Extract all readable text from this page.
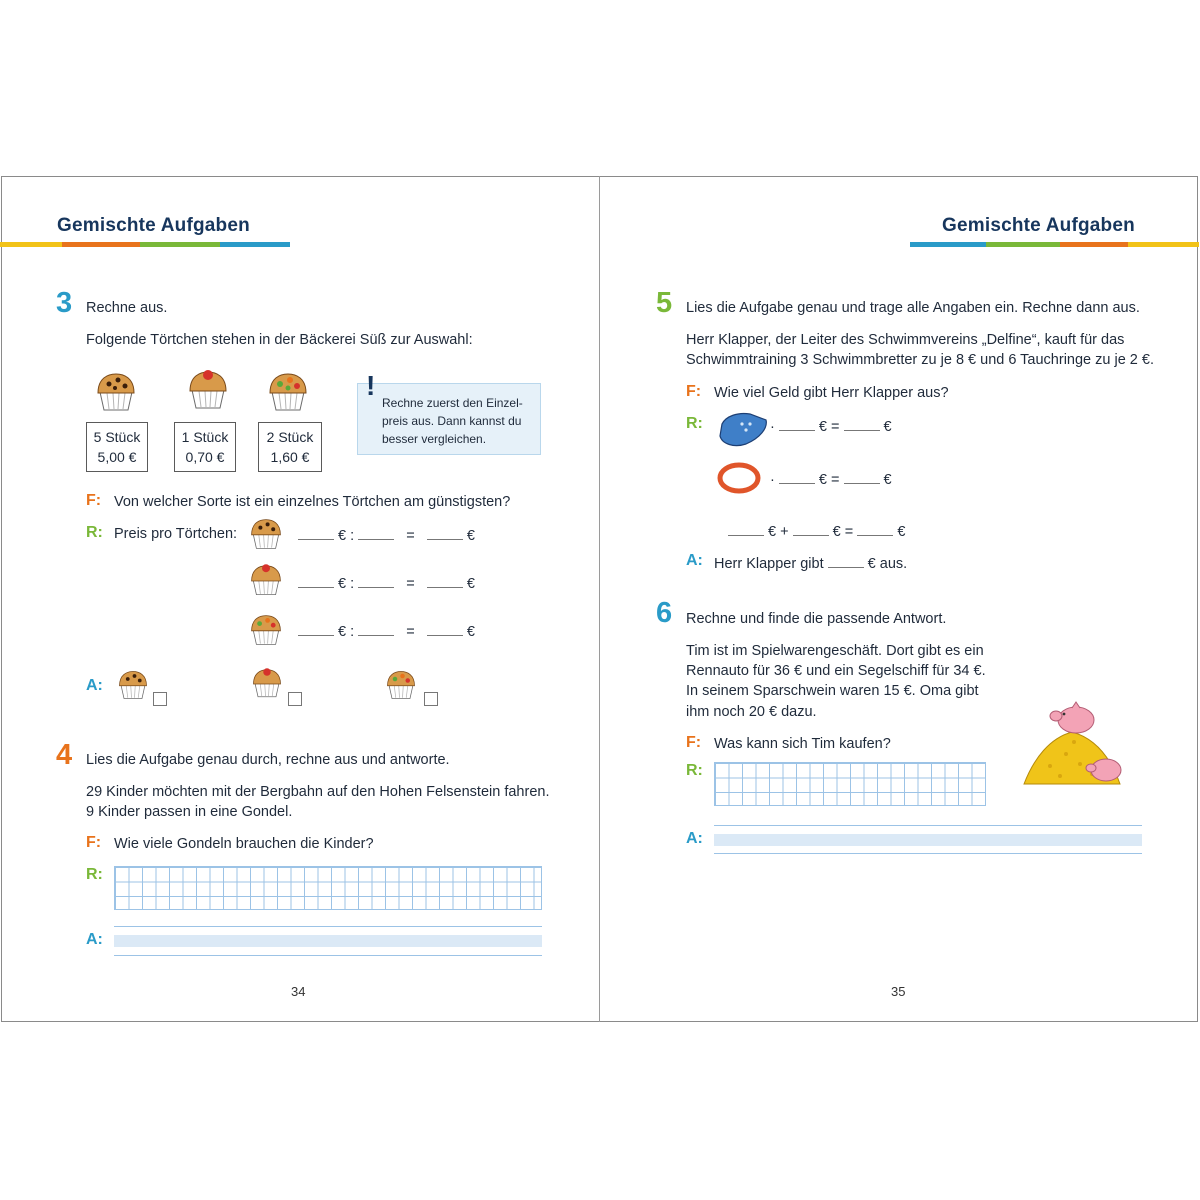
Gemischte Aufgaben
3 Rechne aus.
Folgende Törtchen stehen in der Bäckerei Süß zur Auswahl:
5 Stück
5,00 €
1 Stück
0,70 €
2 Stück
1,60 €
Rechne zuerst den Einzel-
preis aus. Dann kannst du
besser vergleichen.
!
F: Von welcher Sorte ist ein einzelnes Törtchen am günstigsten?
R: Preis pro Törtchen:	€ :	=	€
€ :	=	€
€ :	=	€
A:
4 Lies die Aufgabe genau durch, rechne aus und antworte.
29 Kinder möchten mit der Bergbahn auf den Hohen Felsenstein fahren.
9 Kinder passen in eine Gondel.
F: Wie viele Gondeln brauchen die Kinder?
R:
A:
34
Gemischte Aufgaben
5 Lies die Aufgabe genau und trage alle Angaben ein. Rechne dann aus.
Herr Klapper, der Leiter des Schwimmvereins „Delfine“, kauft für das
Schwimmtraining 3 Schwimmbretter zu je 8 € und 6 Tauchringe zu je 2 €.
F: Wie viel Geld gibt Herr Klapper aus?
R:	·	€ =	€
·	€ =	€
€ +	€ =	€
A: Herr Klapper gibt	€ aus.
6 Rechne und finde die passende Antwort.
Tim ist im Spielwarengeschäft. Dort gibt es ein
Rennauto für 36 € und ein Segelschiff für 34 €.
In seinem Sparschwein waren 15 €. Oma gibt
ihm noch 20 € dazu.
F: Was kann sich Tim kaufen?
R:
A:
35
